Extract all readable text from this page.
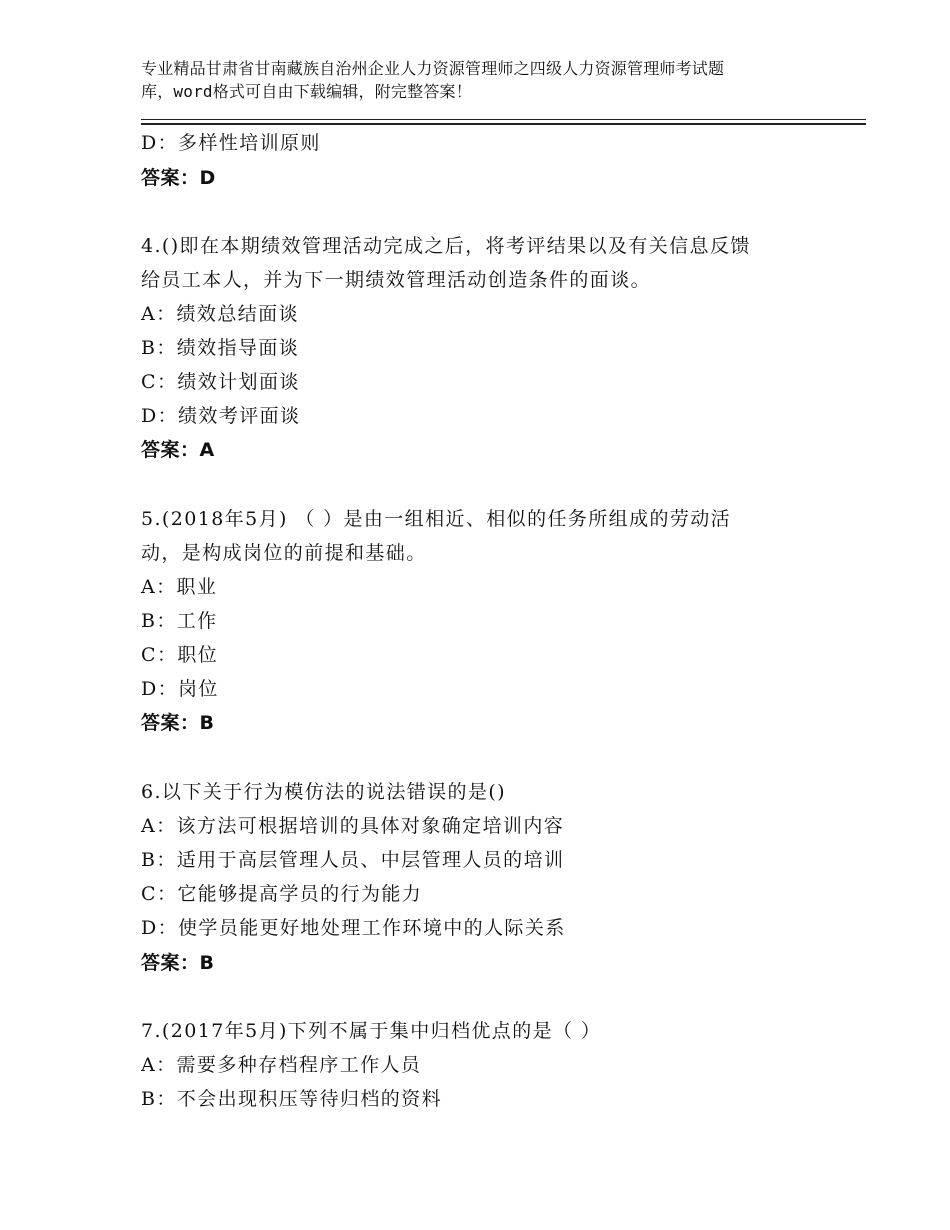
专业精品甘肃省甘南藏族自治州企业人力资源管理师之四级人力资源管理师考试题
库，word格式可自由下载编辑，附完整答案！
D：多样性培训原则
答案：D
4.()即在本期绩效管理活动完成之后，将考评结果以及有关信息反馈
给员工本人，并为下一期绩效管理活动创造条件的面谈。
A：绩效总结面谈
B：绩效指导面谈
C：绩效计划面谈
D：绩效考评面谈
答案：A
5.(2018年5月) （ ）是由一组相近、相似的任务所组成的劳动活
动，是构成岗位的前提和基础。
A：职业
B：工作
C：职位
D：岗位
答案：B
6.以下关于行为模仿法的说法错误的是()
A：该方法可根据培训的具体对象确定培训内容
B：适用于高层管理人员、中层管理人员的培训
C：它能够提高学员的行为能力
D：使学员能更好地处理工作环境中的人际关系
答案：B
7.(2017年5月)下列不属于集中归档优点的是（ ）
A：需要多种存档程序工作人员
B：不会出现积压等待归档的资料
